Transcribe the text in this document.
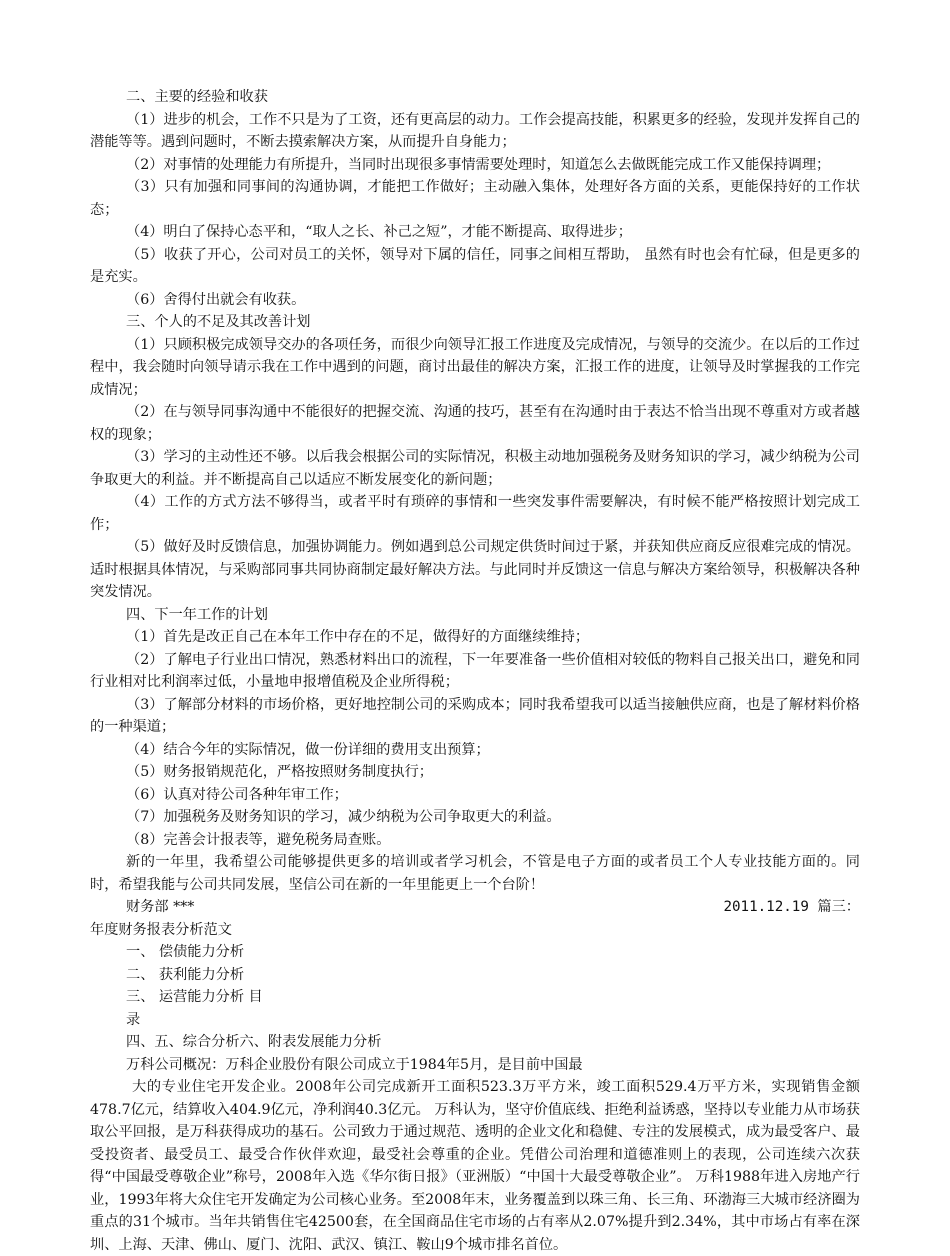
二、主要的经验和收获

（1）进步的机会，工作不只是为了工资，还有更高层的动力。工作会提高技能，积累更多的经验，发现并发挥自己的潜能等等。遇到问题时，不断去摸索解决方案，从而提升自身能力；

（2）对事情的处理能力有所提升，当同时出现很多事情需要处理时，知道怎么去做既能完成工作又能保持调理；

（3）只有加强和同事间的沟通协调，才能把工作做好；主动融入集体，处理好各方面的关系，更能保持好的工作状态；

（4）明白了保持心态平和，“取人之长、补己之短”，才能不断提高、取得进步；

（5）收获了开心，公司对员工的关怀，领导对下属的信任，同事之间相互帮助， 虽然有时也会有忙碌，但是更多的是充实。

（6）舍得付出就会有收获。

三、个人的不足及其改善计划

（1）只顾积极完成领导交办的各项任务，而很少向领导汇报工作进度及完成情况，与领导的交流少。在以后的工作过程中，我会随时向领导请示我在工作中遇到的问题，商讨出最佳的解决方案，汇报工作的进度，让领导及时掌握我的工作完成情况；

（2）在与领导同事沟通中不能很好的把握交流、沟通的技巧，甚至有在沟通时由于表达不恰当出现不尊重对方或者越权的现象；

（3）学习的主动性还不够。以后我会根据公司的实际情况，积极主动地加强税务及财务知识的学习，减少纳税为公司争取更大的利益。并不断提高自己以适应不断发展变化的新问题；

（4）工作的方式方法不够得当，或者平时有琐碎的事情和一些突发事件需要解决，有时候不能严格按照计划完成工作；

（5）做好及时反馈信息，加强协调能力。例如遇到总公司规定供货时间过于紧，并获知供应商反应很难完成的情况。适时根据具体情况，与采购部同事共同协商制定最好解决方法。与此同时并反馈这一信息与解决方案给领导，积极解决各种突发情况。

四、下一年工作的计划

（1）首先是改正自己在本年工作中存在的不足，做得好的方面继续维持；

（2）了解电子行业出口情况，熟悉材料出口的流程，下一年要准备一些价值相对较低的物料自己报关出口，避免和同行业相对比利润率过低，小量地申报增值税及企业所得税；

（3）了解部分材料的市场价格，更好地控制公司的采购成本；同时我希望我可以适当接触供应商，也是了解材料价格的一种渠道；

（4）结合今年的实际情况，做一份详细的费用支出预算；

（5）财务报销规范化，严格按照财务制度执行；

（6）认真对待公司各种年审工作；

（7）加强税务及财务知识的学习，减少纳税为公司争取更大的利益。

（8）完善会计报表等，避免税务局查账。

新的一年里，我希望公司能够提供更多的培训或者学习机会，不管是电子方面的或者员工个人专业技能方面的。同时，希望我能与公司共同发展，坚信公司在新的一年里能更上一个台阶！

财务部 ***	2011.12.19 篇三：

年度财务报表分析范文

一、 偿债能力分析

二、 获利能力分析

三、 运营能力分析 目

录

四、五、综合分析六、附表发展能力分析

万科公司概况：万科企业股份有限公司成立于1984年5月，是目前中国最

大的专业住宅开发企业。2008年公司完成新开工面积523.3万平方米，竣工面积529.4万平方米，实现销售金额478.7亿元，结算收入404.9亿元，净利润40.3亿元。 万科认为，坚守价值底线、拒绝利益诱惑，坚持以专业能力从市场获取公平回报，是万科获得成功的基石。公司致力于通过规范、透明的企业文化和稳健、专注的发展模式，成为最受客户、最受投资者、最受员工、最受合作伙伴欢迎，最受社会尊重的企业。凭借公司治理和道德准则上的表现，公司连续六次获得“中国最受尊敬企业”称号，2008年入选《华尔街日报》（亚洲版）“中国十大最受尊敬企业”。 万科1988年进入房地产行业，1993年将大众住宅开发确定为公司核心业务。至2008年末，业务覆盖到以珠三角、长三角、环渤海三大城市经济圈为重点的31个城市。当年共销售住宅42500套，在全国商品住宅市场的占有率从2.07%提升到2.34%，其中市场占有率在深圳、上海、天津、佛山、厦门、沈阳、武汉、镇江、鞍山9个城市排名首位。
